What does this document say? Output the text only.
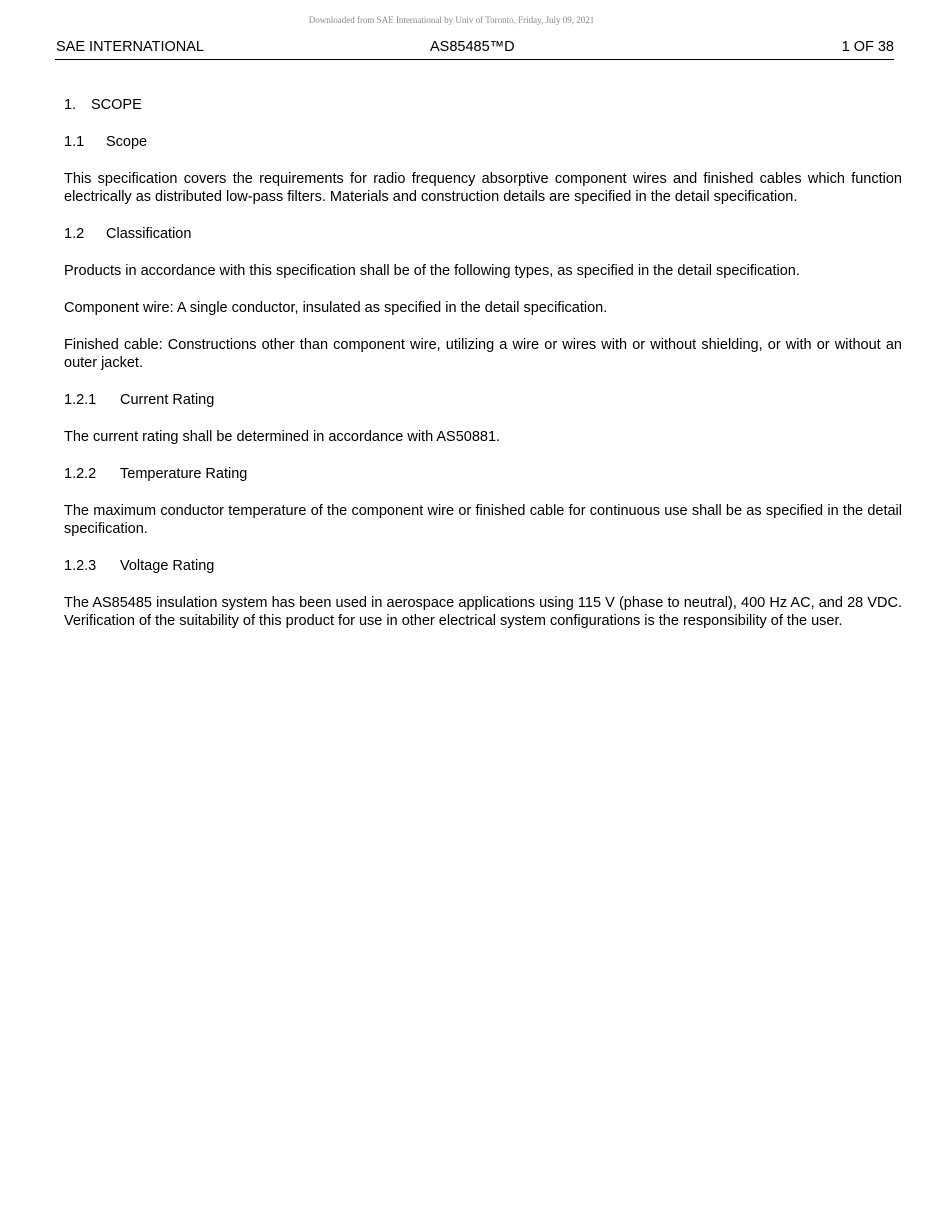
Downloaded from SAE International by Univ of Toronto, Friday, July 09, 2021
SAE INTERNATIONAL	AS85485™D	1 OF 38
1. SCOPE
1.1 Scope

This specification covers the requirements for radio frequency absorptive component wires and finished cables which function electrically as distributed low-pass filters. Materials and construction details are specified in the detail specification.

1.2 Classification

Products in accordance with this specification shall be of the following types, as specified in the detail specification.

Component wire: A single conductor, insulated as specified in the detail specification.

Finished cable: Constructions other than component wire, utilizing a wire or wires with or without shielding, or with or without an outer jacket.

1.2.1 Current Rating

The current rating shall be determined in accordance with AS50881.

1.2.2 Temperature Rating

The maximum conductor temperature of the component wire or finished cable for continuous use shall be as specified in the detail specification.

1.2.3 Voltage Rating

The AS85485 insulation system has been used in aerospace applications using 115 V (phase to neutral), 400 Hz AC, and 28 VDC. Verification of the suitability of this product for use in other electrical system configurations is the responsibility of the user.
